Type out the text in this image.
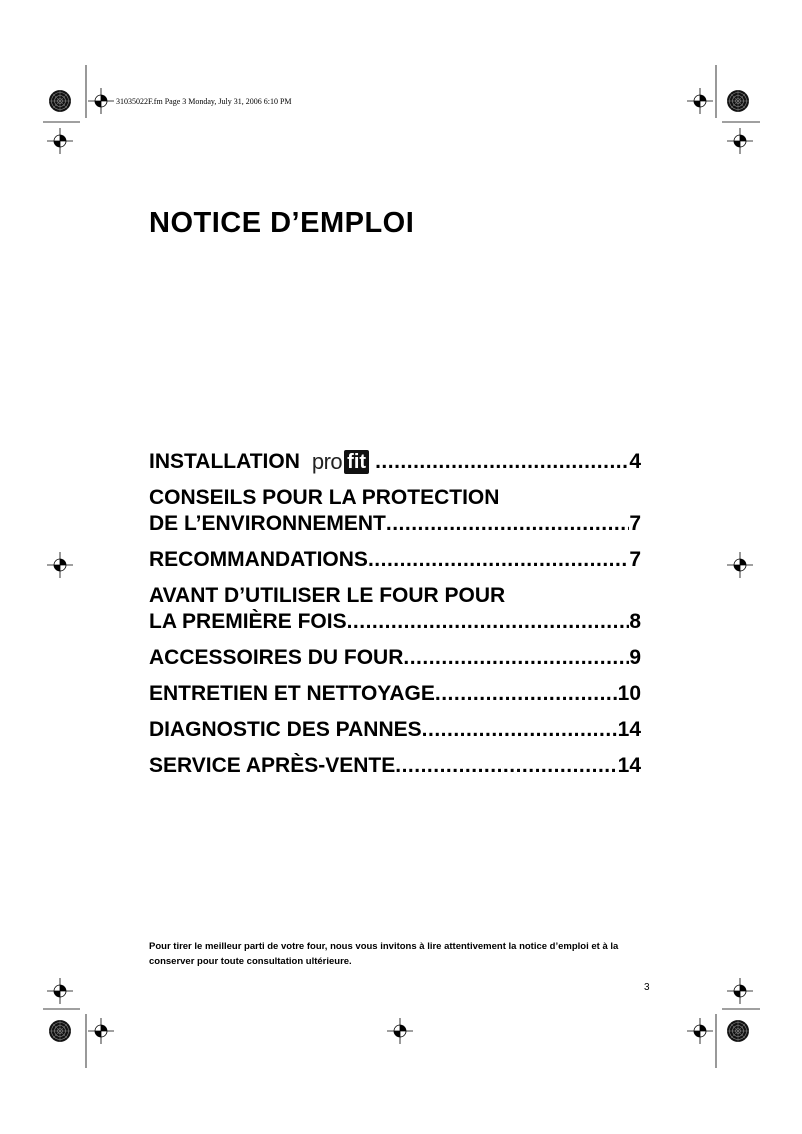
31035022F.fm Page 3 Monday, July 31, 2006 6:10 PM
NOTICE D’EMPLOI
INSTALLATION pro fit .....	4
CONSEILS POUR LA PROTECTION
DE L’ENVIRONNEMENT .....	7
RECOMMANDATIONS .....	7
AVANT D’UTILISER LE FOUR POUR
LA PREMIÈRE FOIS .....	8
ACCESSOIRES DU FOUR .....	9
ENTRETIEN ET NETTOYAGE .....	10
DIAGNOSTIC DES PANNES .....	14
SERVICE APRÈS-VENTE .....	14

Pour tirer le meilleur parti de votre four, nous vous invitons à lire attentivement la notice d’emploi et à la conserver pour toute consultation ultérieure.

3
